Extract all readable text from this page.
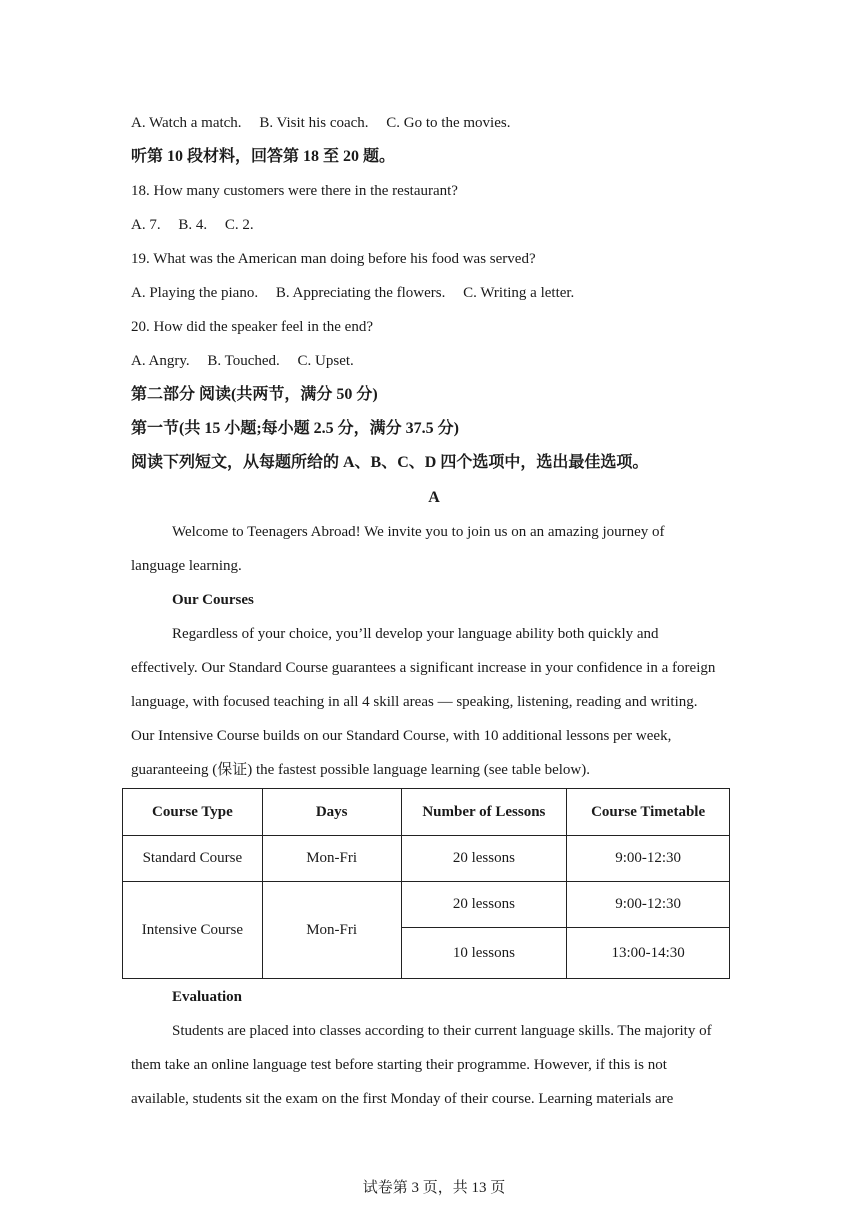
A. Watch a match. B. Visit his coach. C. Go to the movies.
听第 10 段材料，回答第 18 至 20 题。
18. How many customers were there in the restaurant?
A. 7. B. 4. C. 2.
19. What was the American man doing before his food was served?
A. Playing the piano. B. Appreciating the flowers. C. Writing a letter.
20. How did the speaker feel in the end?
A. Angry. B. Touched. C. Upset.
第二部分 阅读(共两节，满分 50 分)
第一节(共 15 小题;每小题 2.5 分，满分 37.5 分)
阅读下列短文，从每题所给的 A、B、C、D 四个选项中，选出最佳选项。
A
Welcome to Teenagers Abroad! We invite you to join us on an amazing journey of
language learning.
Our Courses
Regardless of your choice, you’ll develop your language ability both quickly and
effectively. Our Standard Course guarantees a significant increase in your confidence in a foreign
language, with focused teaching in all 4 skill areas — speaking, listening, reading and writing.
Our Intensive Course builds on our Standard Course, with 10 additional lessons per week,
guaranteeing (保证) the fastest possible language learning (see table below).
Course Type	Days	Number of Lessons	Course Timetable
Standard Course	Mon-Fri	20 lessons	9:00-12:30
Intensive Course	Mon-Fri	20 lessons	9:00-12:30
		10 lessons	13:00-14:30
Evaluation
Students are placed into classes according to their current language skills. The majority of
them take an online language test before starting their programme. However, if this is not
available, students sit the exam on the first Monday of their course. Learning materials are
试卷第 3 页，共 13 页
